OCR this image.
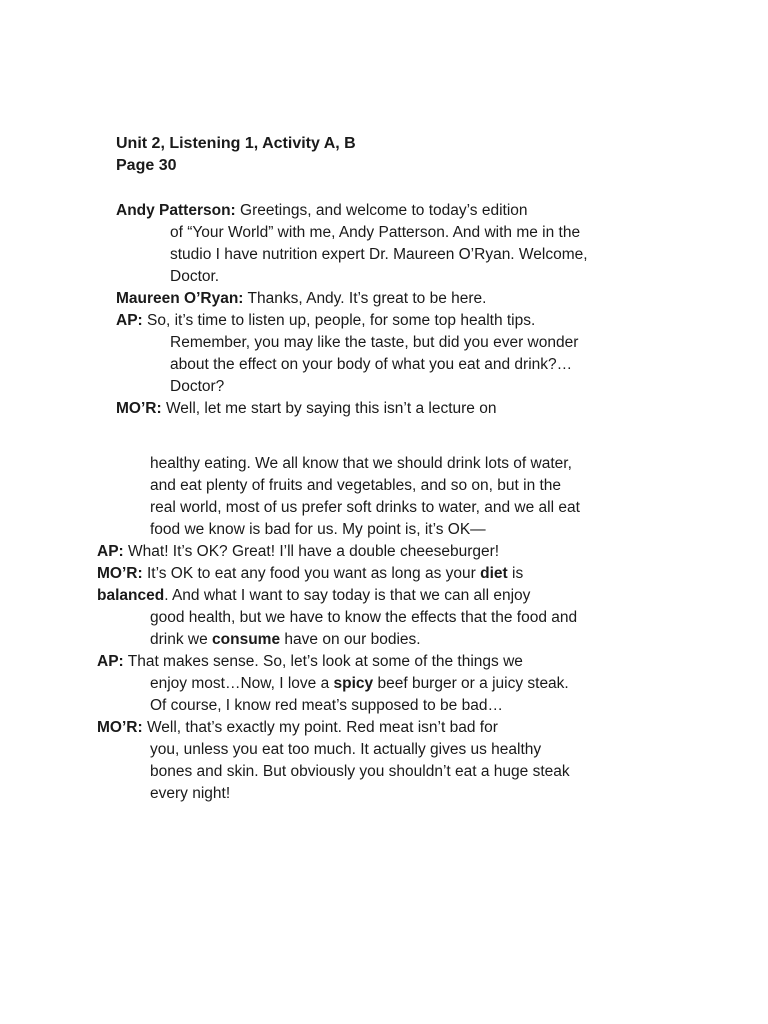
Unit 2, Listening 1, Activity A, B
Page 30
Andy Patterson: Greetings, and welcome to today’s edition
of “Your World” with me, Andy Patterson. And with me in the
studio I have nutrition expert Dr. Maureen O’Ryan. Welcome,
Doctor.
Maureen O’Ryan: Thanks, Andy. It’s great to be here.
AP: So, it’s time to listen up, people, for some top health tips.
Remember, you may like the taste, but did you ever wonder
about the effect on your body of what you eat and drink?…
Doctor?
MO’R: Well, let me start by saying this isn’t a lecture on
healthy eating. We all know that we should drink lots of water,
and eat plenty of fruits and vegetables, and so on, but in the
real world, most of us prefer soft drinks to water, and we all eat
food we know is bad for us. My point is, it’s OK—
AP: What! It’s OK? Great! I’ll have a double cheeseburger!
MO’R: It’s OK to eat any food you want as long as your diet is
balanced. And what I want to say today is that we can all enjoy
good health, but we have to know the effects that the food and
drink we consume have on our bodies.
AP: That makes sense. So, let’s look at some of the things we
enjoy most…Now, I love a spicy beef burger or a juicy steak.
Of course, I know red meat’s supposed to be bad…
MO’R: Well, that’s exactly my point. Red meat isn’t bad for
you, unless you eat too much. It actually gives us healthy
bones and skin. But obviously you shouldn’t eat a huge steak
every night!
